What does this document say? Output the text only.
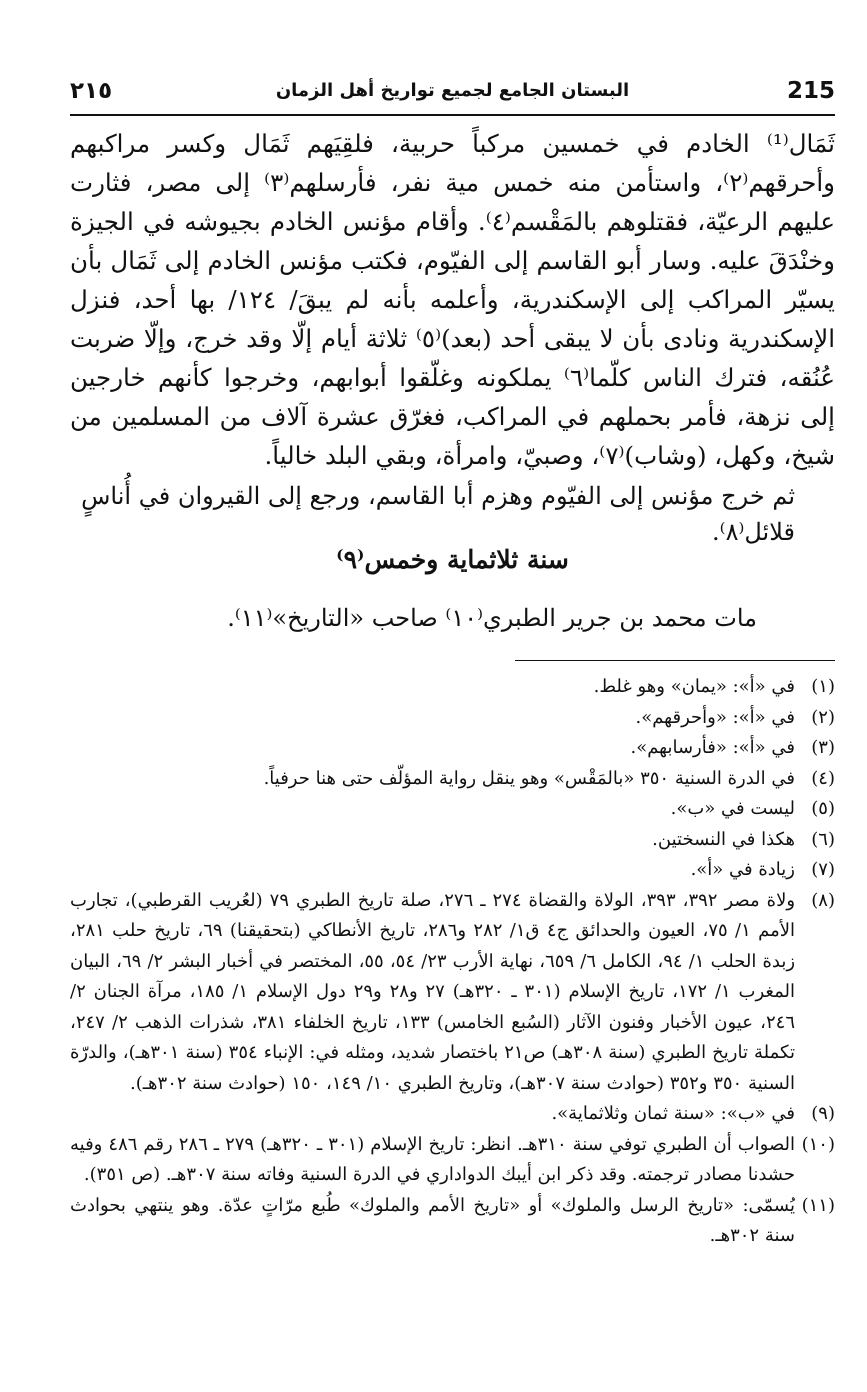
215
البستان الجامع لجميع تواريخ أهل الزمان
٢١٥

ثَمَال⁽¹⁾ الخادم في خمسين مركباً حربية، فلقِيَهم ثَمَال وكسر مراكبهم وأحرقهم⁽٢⁾، واستأمن منه خمس مية نفر، فأرسلهم⁽٣⁾ إلى مصر، فثارت عليهم الرعيّة، فقتلوهم بالمَقْسم⁽٤⁾. وأقام مؤنس الخادم بجيوشه في الجيزة وخنْدَقَ عليه. وسار أبو القاسم إلى الفيّوم، فكتب مؤنس الخادم إلى ثَمَال بأن يسيّر المراكب إلى الإسكندرية، وأعلمه بأنه لم يبقَ/ ١٢٤/ بها أحد، فنزل الإسكندرية ونادى بأن لا يبقى أحد (بعد)⁽٥⁾ ثلاثة أيام إلّا وقد خرج، وإلّا ضربت عُنُقه، فترك الناس كلّما⁽٦⁾ يملكونه وغلّقوا أبوابهم، وخرجوا كأنهم خارجين إلى نزهة، فأمر بحملهم في المراكب، فغرّق عشرة آلاف من المسلمين من شيخ، وكهل، (وشاب)⁽٧⁾، وصبيّ، وامرأة، وبقي البلد خالياً.

ثم خرج مؤنس إلى الفيّوم وهزم أبا القاسم، ورجع إلى القيروان في أُناسٍ قلائل⁽٨⁾.

سنة ثلاثماية وخمس⁽٩⁾

مات محمد بن جرير الطبري⁽١٠⁾ صاحب «التاريخ»⁽١١⁾.

(١)
في «أ»: «يمان» وهو غلط.
(٢)
في «أ»: «وأحرقهم».
(٣)
في «أ»: «فأرسابهم».
(٤)
في الدرة السنية ٣٥٠ «بالمَقْس» وهو ينقل رواية المؤلّف حتى هنا حرفياً.
(٥)
ليست في «ب».
(٦)
هكذا في النسختين.
(٧)
زيادة في «أ».
(٨)
ولاة مصر ٣٩٢، ٣٩٣، الولاة والقضاة ٢٧٤ ـ ٢٧٦، صلة تاريخ الطبري ٧٩ (لعُريب القرطبي)، تجارب الأمم ١/ ٧٥، العيون والحدائق ج٤ ق١/ ٢٨٢ و٢٨٦، تاريخ الأنطاكي (بتحقيقنا) ٦٩، تاريخ حلب ٢٨١، زبدة الحلب ١/ ٩٤، الكامل ٦/ ٦٥٩، نهاية الأرب ٢٣/ ٥٤، ٥٥، المختصر في أخبار البشر ٢/ ٦٩، البيان المغرب ١/ ١٧٢، تاريخ الإسلام (٣٠١ ـ ٣٢٠هـ) ٢٧ و٢٨ و٢٩ دول الإسلام ١/ ١٨٥، مرآة الجنان ٢/ ٢٤٦، عيون الأخبار وفنون الآثار (السُبع الخامس) ١٣٣، تاريخ الخلفاء ٣٨١، شذرات الذهب ٢/ ٢٤٧، تكملة تاريخ الطبري (سنة ٣٠٨هـ) ص٢١ باختصار شديد، ومثله في: الإنباء ٣٥٤ (سنة ٣٠١هـ)، والدرّة السنية ٣٥٠ و٣٥٢ (حوادث سنة ٣٠٧هـ)، وتاريخ الطبري ١٠/ ١٤٩، ١٥٠ (حوادث سنة ٣٠٢هـ).
(٩)
في «ب»: «سنة ثمان وثلاثماية».
(١٠)
الصواب أن الطبري توفي سنة ٣١٠هـ. انظر: تاريخ الإسلام (٣٠١ ـ ٣٢٠هـ) ٢٧٩ ـ ٢٨٦ رقم ٤٨٦ وفيه حشدنا مصادر ترجمته. وقد ذكر ابن أيبك الدواداري في الدرة السنية وفاته سنة ٣٠٧هـ. (ص ٣٥١).
(١١)
يُسمّى: «تاريخ الرسل والملوك» أو «تاريخ الأمم والملوك» طُبع مرّاتٍ عدّة. وهو ينتهي بحوادث سنة ٣٠٢هـ.
